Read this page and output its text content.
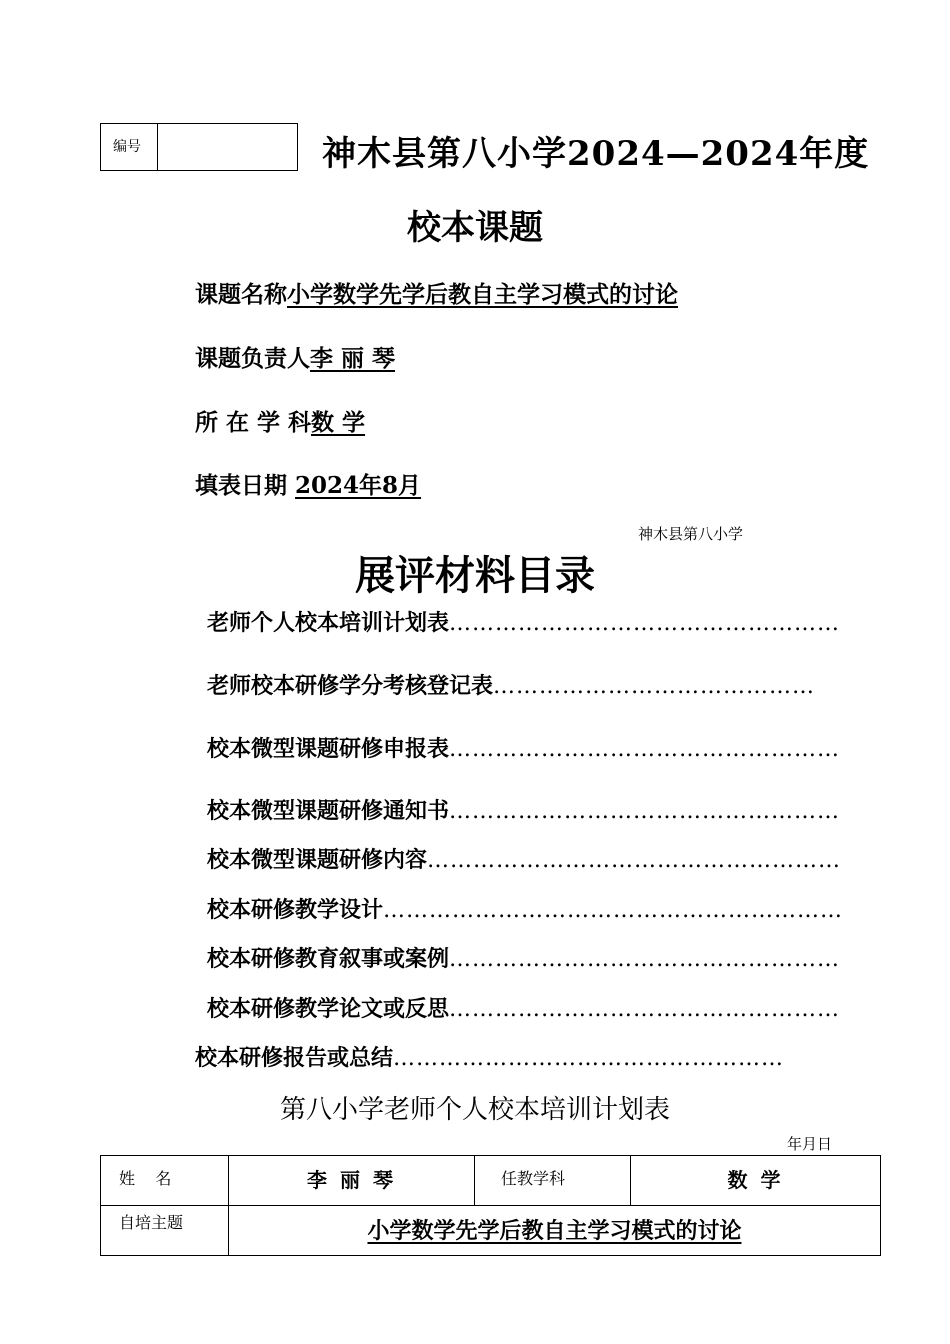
编号	神木县第八小学2024—2024年度
校本课题
课题名称小学数学先学后教自主学习模式的讨论
课题负责人李 丽 琴
所 在 学 科数 学
填表日期 2024年8月
神木县第八小学
展评材料目录
老师个人校本培训计划表……………………………………………
老师校本研修学分考核登记表……………………………………
校本微型课题研修申报表……………………………………………
校本微型课题研修通知书……………………………………………
校本微型课题研修内容………………………………………………
校本研修教学设计……………………………………………………
校本研修教育叙事或案例……………………………………………
校本研修教学论文或反思……………………………………………
校本研修报告或总结……………………………………………
第八小学老师个人校本培训计划表
年月日
姓    名	李 丽 琴	任教学科	数 学
自培主题	小学数学先学后教自主学习模式的讨论		
